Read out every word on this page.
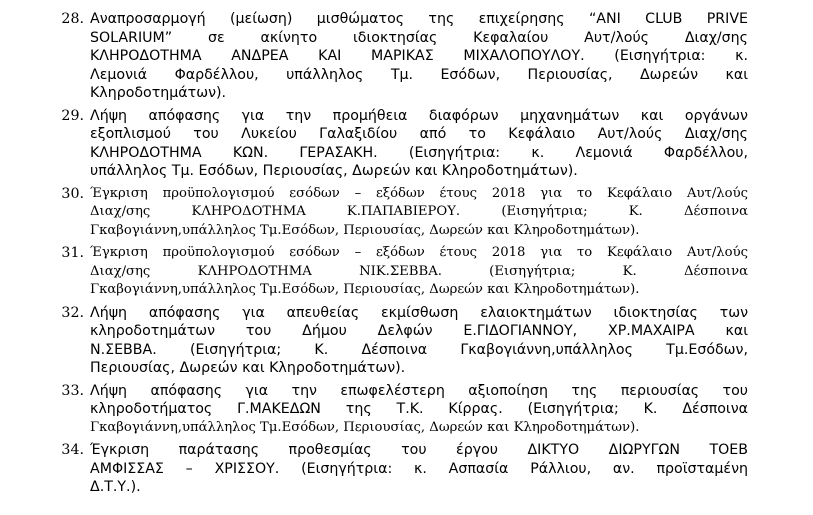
28. Αναπροσαρμογή (μείωση) μισθώματος της επιχείρησης “ANI CLUB PRIVE
SOLARIUM” σε ακίνητο ιδιοκτησίας Κεφαλαίου Αυτ/λούς Διαχ/σης
ΚΛΗΡΟΔΟΤΗΜΑ ΑΝΔΡΕΑ ΚΑΙ ΜΑΡΙΚΑΣ ΜΙΧΑΛΟΠΟΥΛΟΥ. (Εισηγήτρια: κ.
Λεμονιά Φαρδέλλου, υπάλληλος Τμ. Εσόδων, Περιουσίας, Δωρεών και
Κληροδοτημάτων).
29. Λήψη απόφασης για την προμήθεια διαφόρων μηχανημάτων και οργάνων
εξοπλισμού του Λυκείου Γαλαξιδίου από το Κεφάλαιο Αυτ/λούς Διαχ/σης
ΚΛΗΡΟΔΟΤΗΜΑ ΚΩΝ. ΓΕΡΑΣΑΚΗ. (Εισηγήτρια: κ. Λεμονιά Φαρδέλλου,
υπάλληλος Τμ. Εσόδων, Περιουσίας, Δωρεών και Κληροδοτημάτων).
30. Έγκριση προϋπολογισμού εσόδων – εξόδων έτους 2018 για το Κεφάλαιο Αυτ/λούς
Διαχ/σης ΚΛΗΡΟΔΟΤΗΜΑ Κ.ΠΑΠΑΒΙΕΡΟΥ. (Εισηγήτρια; Κ. Δέσποινα
Γκαβογιάννη,υπάλληλος Τμ.Εσόδων, Περιουσίας, Δωρεών και Κληροδοτημάτων).
31. Έγκριση προϋπολογισμού εσόδων – εξόδων έτους 2018 για το Κεφάλαιο Αυτ/λούς
Διαχ/σης ΚΛΗΡΟΔΟΤΗΜΑ ΝΙΚ.ΣΕΒΒΑ. (Εισηγήτρια; Κ. Δέσποινα
Γκαβογιάννη,υπάλληλος Τμ.Εσόδων, Περιουσίας, Δωρεών και Κληροδοτημάτων).
32. Λήψη απόφασης για απευθείας εκμίσθωση ελαιοκτημάτων ιδιοκτησίας των
κληροδοτημάτων του Δήμου Δελφών Ε.ΓΙΔΟΓΙΑΝΝΟΥ, ΧΡ.ΜΑΧΑΙΡΑ και
Ν.ΣΕΒΒΑ. (Εισηγήτρια; Κ. Δέσποινα Γκαβογιάννη,υπάλληλος Τμ.Εσόδων,
Περιουσίας, Δωρεών και Κληροδοτημάτων).
33. Λήψη απόφασης για την επωφελέστερη αξιοποίηση της περιουσίας του
κληροδοτήματος Γ.ΜΑΚΕΔΩΝ της Τ.Κ. Κίρρας. (Εισηγήτρια; Κ. Δέσποινα
Γκαβογιάννη,υπάλληλος Τμ.Εσόδων, Περιουσίας, Δωρεών και Κληροδοτημάτων).
34. Έγκριση παράτασης προθεσμίας του έργου ΔΙΚΤΥΟ ΔΙΩΡΥΓΩΝ ΤΟΕΒ
ΑΜΦΙΣΣΑΣ – ΧΡΙΣΣΟΥ. (Εισηγήτρια: κ. Ασπασία Ράλλιου, αν. προϊσταμένη
Δ.Τ.Υ.).
